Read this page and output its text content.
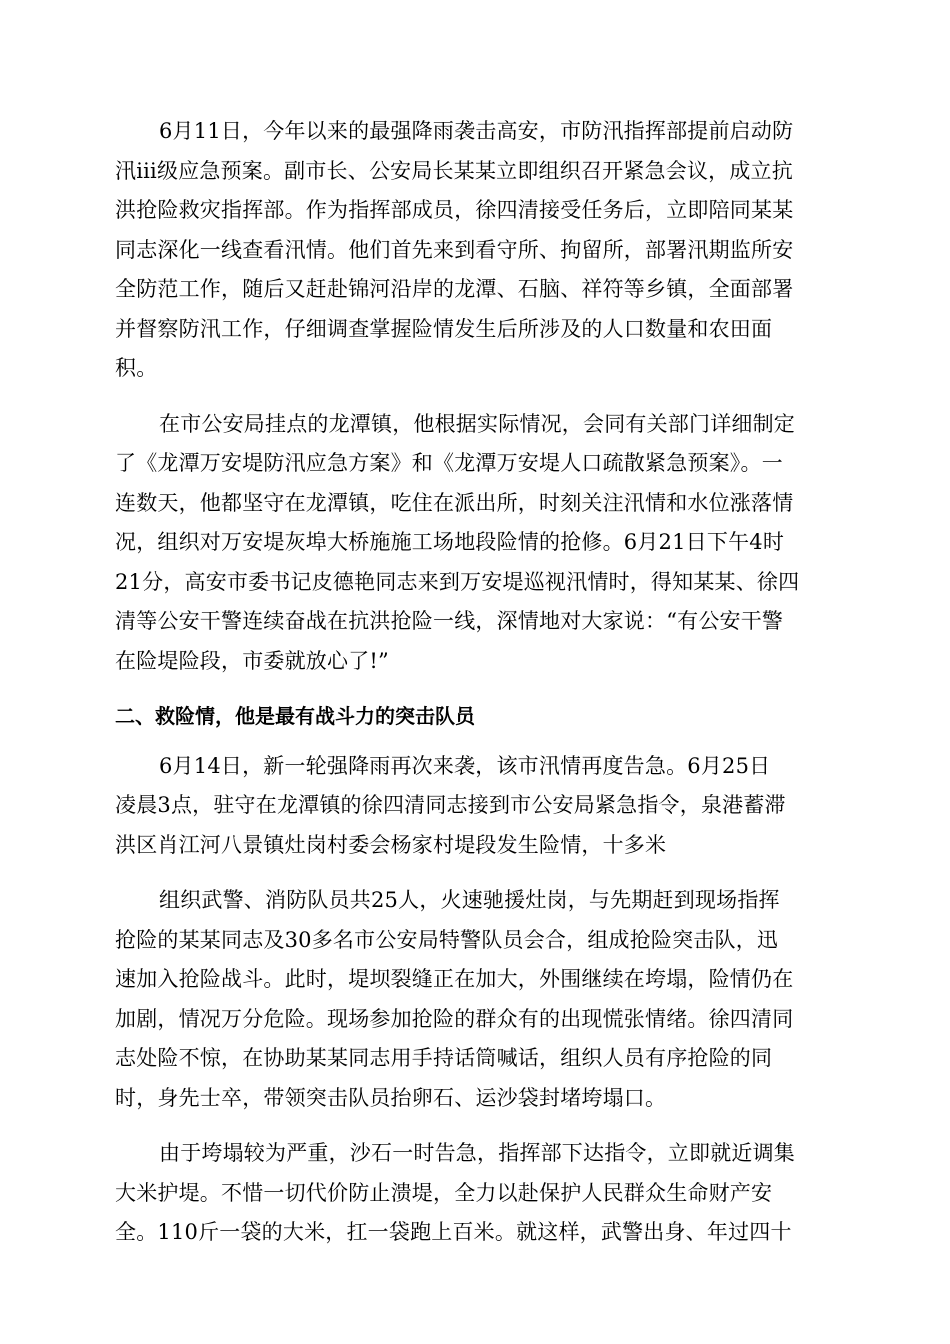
6月11日，今年以来的最强降雨袭击高安，市防汛指挥部提前启动防
汛iii级应急预案。副市长、公安局长某某立即组织召开紧急会议，成立抗
洪抢险救灾指挥部。作为指挥部成员，徐四清接受任务后，立即陪同某某
同志深化一线查看汛情。他们首先来到看守所、拘留所，部署汛期监所安
全防范工作，随后又赶赴锦河沿岸的龙潭、石脑、祥符等乡镇，全面部署
并督察防汛工作，仔细调查掌握险情发生后所涉及的人口数量和农田面
积。
在市公安局挂点的龙潭镇，他根据实际情况，会同有关部门详细制定
了《龙潭万安堤防汛应急方案》和《龙潭万安堤人口疏散紧急预案》。一
连数天，他都坚守在龙潭镇，吃住在派出所，时刻关注汛情和水位涨落情
况，组织对万安堤灰埠大桥施施工场地段险情的抢修。6月21日下午4时
21分，高安市委书记皮德艳同志来到万安堤巡视汛情时，得知某某、徐四
清等公安干警连续奋战在抗洪抢险一线，深情地对大家说：“有公安干警
在险堤险段，市委就放心了!”
二、救险情，他是最有战斗力的突击队员
6月14日，新一轮强降雨再次来袭，该市汛情再度告急。6月25日
凌晨3点，驻守在龙潭镇的徐四清同志接到市公安局紧急指令，泉港蓄滞
洪区肖江河八景镇灶岗村委会杨家村堤段发生险情，十多米
组织武警、消防队员共25人，火速驰援灶岗，与先期赶到现场指挥
抢险的某某同志及30多名市公安局特警队员会合，组成抢险突击队，迅
速加入抢险战斗。此时，堤坝裂缝正在加大，外围继续在垮塌，险情仍在
加剧，情况万分危险。现场参加抢险的群众有的出现慌张情绪。徐四清同
志处险不惊，在协助某某同志用手持话筒喊话，组织人员有序抢险的同
时，身先士卒，带领突击队员抬卵石、运沙袋封堵垮塌口。
由于垮塌较为严重，沙石一时告急，指挥部下达指令，立即就近调集
大米护堤。不惜一切代价防止溃堤，全力以赴保护人民群众生命财产安
全。110斤一袋的大米，扛一袋跑上百米。就这样，武警出身、年过四十
